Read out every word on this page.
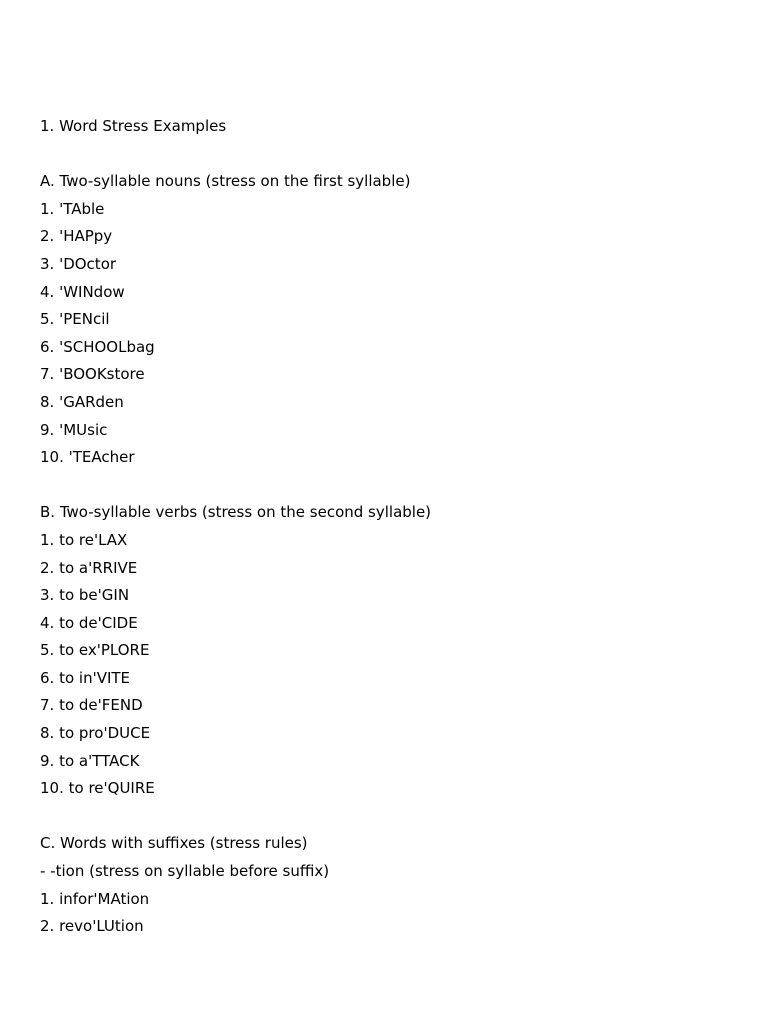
1. Word Stress Examples
A. Two-syllable nouns (stress on the first syllable)
1. 'TAble
2. 'HAPpy
3. 'DOctor
4. 'WINdow
5. 'PENcil
6. 'SCHOOLbag
7. 'BOOKstore
8. 'GARden
9. 'MUsic
10. 'TEAcher
B. Two-syllable verbs (stress on the second syllable)
1. to re'LAX
2. to a'RRIVE
3. to be'GIN
4. to de'CIDE
5. to ex'PLORE
6. to in'VITE
7. to de'FEND
8. to pro'DUCE
9. to a'TTACK
10. to re'QUIRE
C. Words with suffixes (stress rules)
- -tion (stress on syllable before suffix)
1. infor'MAtion
2. revo'LUtion
